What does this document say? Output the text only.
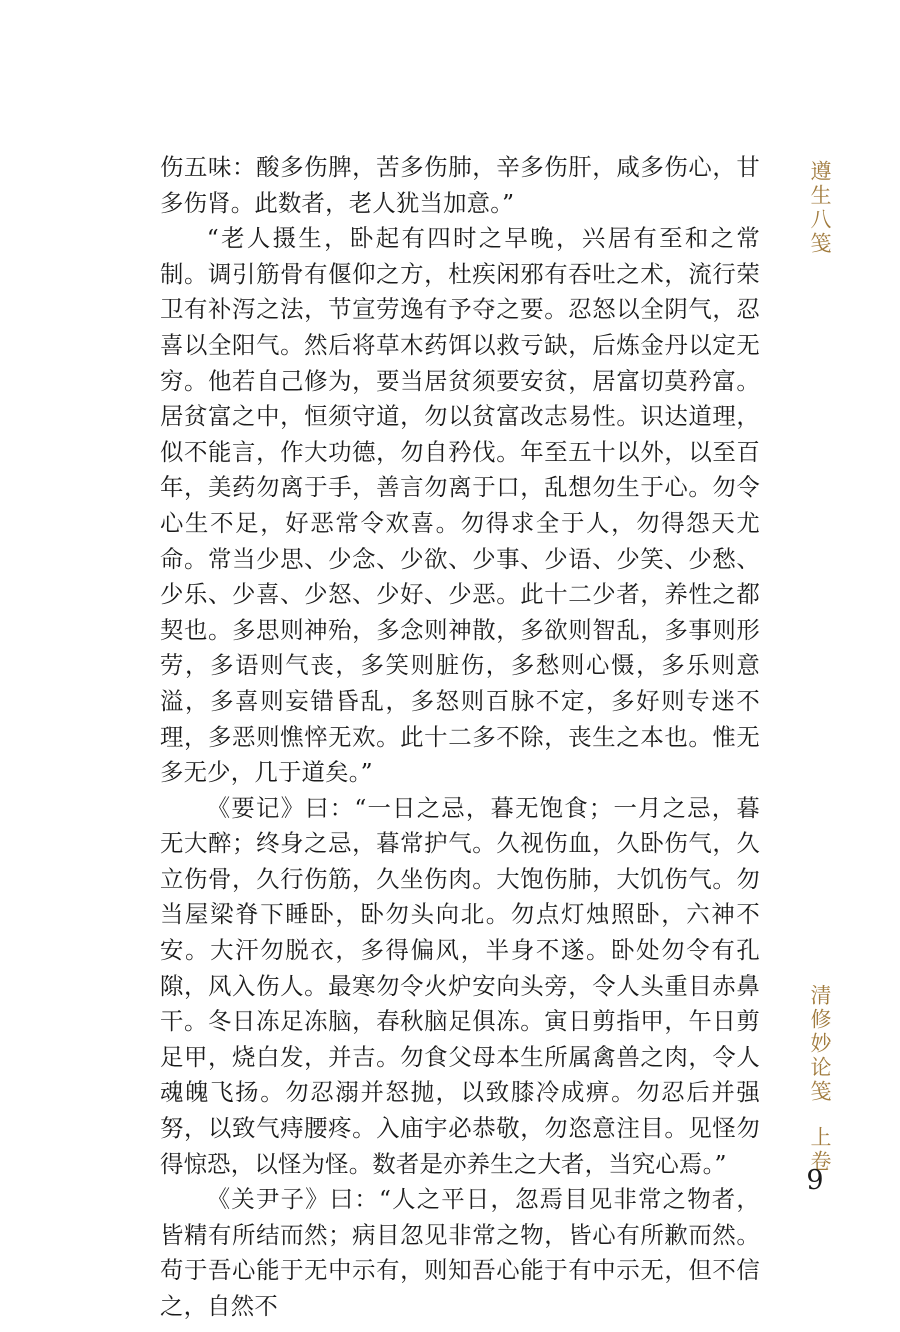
遵生八笺
清修妙论笺上卷
9

伤五味：酸多伤脾，苦多伤肺，辛多伤肝，咸多伤心，甘多伤肾。此数者，老人犹当加意。”

“老人摄生，卧起有四时之早晚，兴居有至和之常制。调引筋骨有偃仰之方，杜疾闲邪有吞吐之术，流行荣卫有补泻之法，节宣劳逸有予夺之要。忍怒以全阴气，忍喜以全阳气。然后将草木药饵以救亏缺，后炼金丹以定无穷。他若自己修为，要当居贫须要安贫，居富切莫矜富。居贫富之中，恒须守道，勿以贫富改志易性。识达道理，似不能言，作大功德，勿自矜伐。年至五十以外，以至百年，美药勿离于手，善言勿离于口，乱想勿生于心。勿令心生不足，好恶常令欢喜。勿得求全于人，勿得怨天尤命。常当少思、少念、少欲、少事、少语、少笑、少愁、少乐、少喜、少怒、少好、少恶。此十二少者，养性之都契也。多思则神殆，多念则神散，多欲则智乱，多事则形劳，多语则气丧，多笑则脏伤，多愁则心慑，多乐则意溢，多喜则妄错昏乱，多怒则百脉不定，多好则专迷不理，多恶则憔悴无欢。此十二多不除，丧生之本也。惟无多无少，几于道矣。”

《要记》曰：“一日之忌，暮无饱食；一月之忌，暮无大醉；终身之忌，暮常护气。久视伤血，久卧伤气，久立伤骨，久行伤筋，久坐伤肉。大饱伤肺，大饥伤气。勿当屋梁脊下睡卧，卧勿头向北。勿点灯烛照卧，六神不安。大汗勿脱衣，多得偏风，半身不遂。卧处勿令有孔隙，风入伤人。最寒勿令火炉安向头旁，令人头重目赤鼻干。冬日冻足冻脑，春秋脑足俱冻。寅日剪指甲，午日剪足甲，烧白发，并吉。勿食父母本生所属禽兽之肉，令人魂魄飞扬。勿忍溺并怒抛，以致膝冷成痹。勿忍后并强努，以致气痔腰疼。入庙宇必恭敬，勿恣意注目。见怪勿得惊恐，以怪为怪。数者是亦养生之大者，当究心焉。”

《关尹子》曰：“人之平日，忽焉目见非常之物者，皆精有所结而然；病目忽见非常之物，皆心有所歉而然。苟于吾心能于无中示有，则知吾心能于有中示无，但不信之，自然不
